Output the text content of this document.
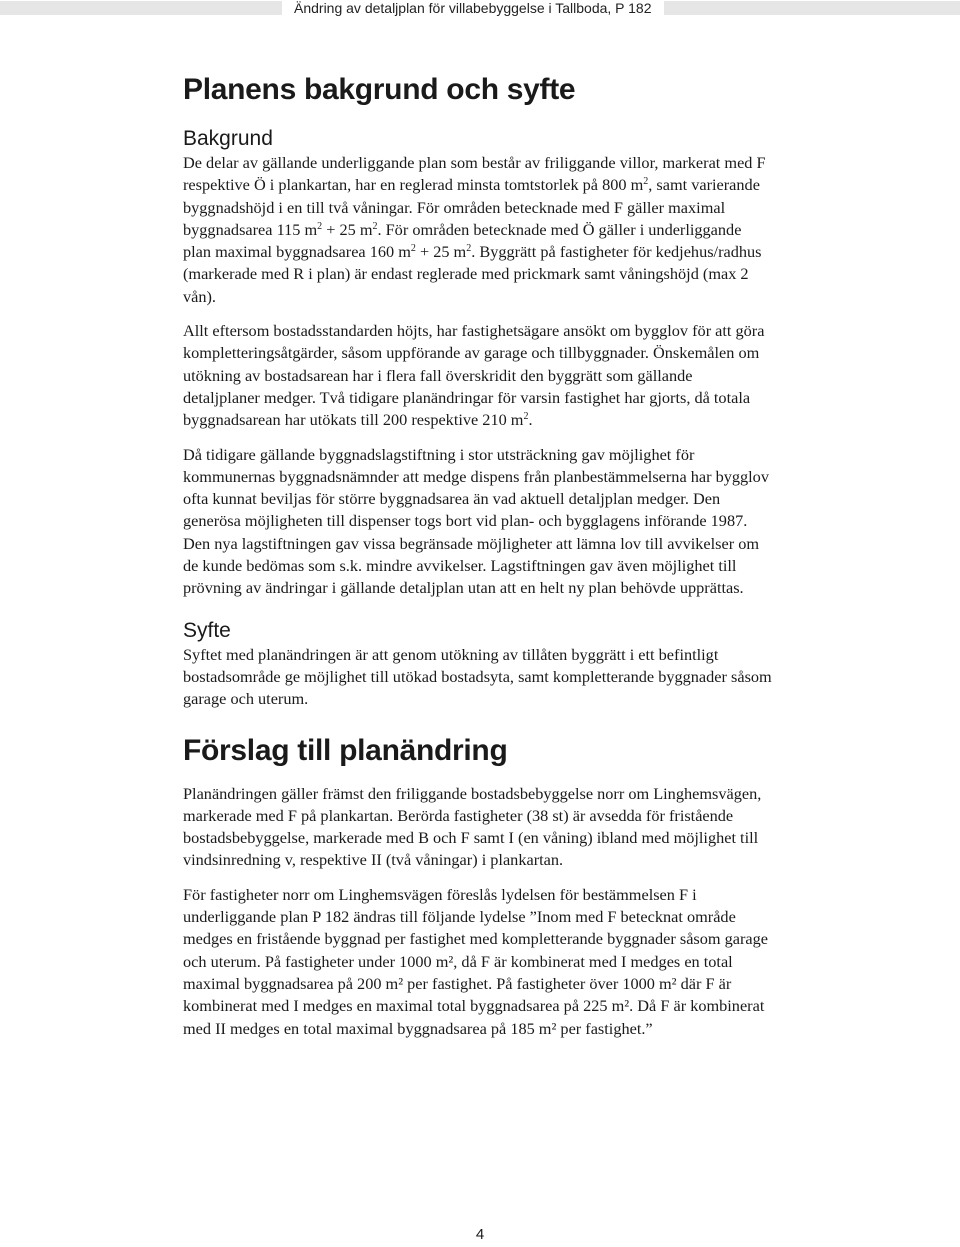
Ändring av detaljplan för villabebyggelse i Tallboda, P 182
Planens bakgrund och syfte
Bakgrund

De delar av gällande underliggande plan som består av friliggande villor, markerat med F respektive Ö i plankartan, har en reglerad minsta tomtstorlek på 800 $m^2$, samt varierande byggnadshöjd i en till två våningar. För områden betecknade med F gäller maximal byggnadsarea 115 $m^2 + 25$ $m^2$. För områden betecknade med Ö gäller i underliggande plan maximal byggnadsarea 160 $m^2 + 25$ $m^2$. Byggrätt på fastigheter för kedjehus/radhus (markerade med R i plan) är endast reglerade med prickmark samt våningshöjd (max 2 vån).

Allt eftersom bostadsstandarden höjts, har fastighetsägare ansökt om bygglov för att göra kompletteringsåtgärder, såsom uppförande av garage och tillbyggnader. Önskemålen om utökning av bostadsarean har i flera fall överskridit den byggrätt som gällande detaljplaner medger. Två tidigare planändringar för varsin fastighet har gjorts, då totala byggnadsarean har utökats till 200 respektive 210 $m^2$.

Då tidigare gällande byggnadslagstiftning i stor utsträckning gav möjlighet för kommunernas byggnadsnämnder att medge dispens från planbestämmelserna har bygglov ofta kunnat beviljas för större byggnadsarea än vad aktuell detaljplan medger. Den generösa möjligheten till dispenser togs bort vid plan- och bygglagens införande 1987. Den nya lagstiftningen gav vissa begränsade möjligheter att lämna lov till avvikelser om de kunde bedömas som s.k. mindre avvikelser. Lagstiftningen gav även möjlighet till prövning av ändringar i gällande detaljplan utan att en helt ny plan behövde upprättas.

Syfte

Syftet med planändringen är att genom utökning av tillåten byggrätt i ett befintligt bostadsområde ge möjlighet till utökad bostadsyta, samt kompletterande byggnader såsom garage och uterum.

Förslag till planändring

Planändringen gäller främst den friliggande bostadsbebyggelse norr om Linghemsvägen, markerade med F på plankartan. Berörda fastigheter (38 st) är avsedda för fristående bostadsbebyggelse, markerade med B och F samt I (en våning) ibland med möjlighet till vindsinredning v, respektive II (två våningar) i plankartan.

För fastigheter norr om Linghemsvägen föreslås lydelsen för bestämmelsen F i underliggande plan P 182 ändras till följande lydelse ”Inom med F betecknat område medges en fristående byggnad per fastighet med kompletterande byggnader såsom garage och uterum. På fastigheter under 1000 m², då F är kombinerat med I medges en total maximal byggnadsarea på 200 m² per fastighet. På fastigheter över 1000 m² där F är kombinerat med I medges en maximal total byggnadsarea på 225 m². Då F är kombinerat med II medges en total maximal byggnadsarea på 185 m² per fastighet.”

4
